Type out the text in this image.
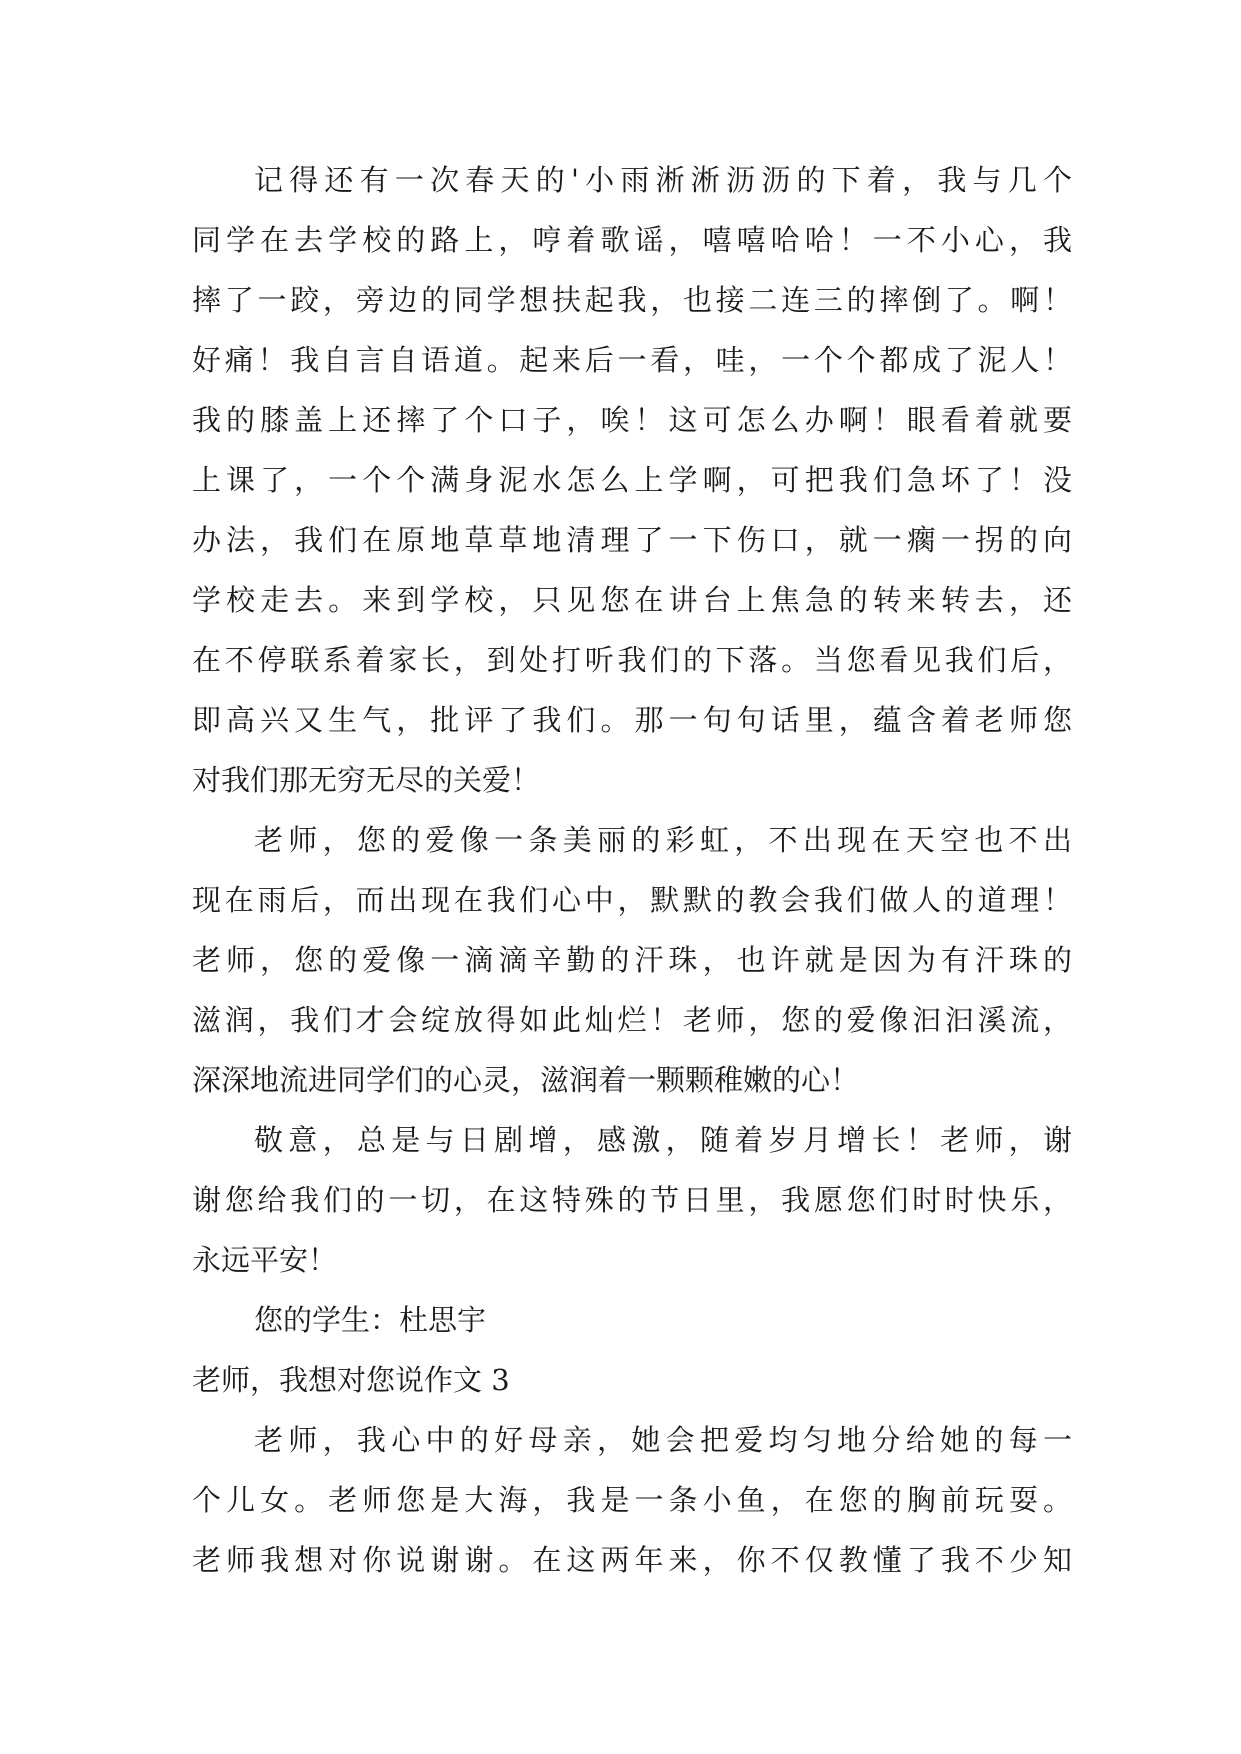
记得还有一次春天的'小雨淅淅沥沥的下着，我与几个
同学在去学校的路上，哼着歌谣，嘻嘻哈哈！一不小心，我
摔了一跤，旁边的同学想扶起我，也接二连三的摔倒了。啊！
好痛！我自言自语道。起来后一看，哇，一个个都成了泥人！
我的膝盖上还摔了个口子，唉！这可怎么办啊！眼看着就要
上课了，一个个满身泥水怎么上学啊，可把我们急坏了！没
办法，我们在原地草草地清理了一下伤口，就一瘸一拐的向
学校走去。来到学校，只见您在讲台上焦急的转来转去，还
在不停联系着家长，到处打听我们的下落。当您看见我们后，
即高兴又生气，批评了我们。那一句句话里，蕴含着老师您
对我们那无穷无尽的关爱！
老师，您的爱像一条美丽的彩虹，不出现在天空也不出
现在雨后，而出现在我们心中，默默的教会我们做人的道理！
老师，您的爱像一滴滴辛勤的汗珠，也许就是因为有汗珠的
滋润，我们才会绽放得如此灿烂！老师，您的爱像汩汩溪流，
深深地流进同学们的心灵，滋润着一颗颗稚嫩的心！
敬意，总是与日剧增，感激，随着岁月增长！老师，谢
谢您给我们的一切，在这特殊的节日里，我愿您们时时快乐，
永远平安！
您的学生：杜思宇
老师，我想对您说作文 3
老师，我心中的好母亲，她会把爱均匀地分给她的每一
个儿女。老师您是大海，我是一条小鱼，在您的胸前玩耍。
老师我想对你说谢谢。在这两年来，你不仅教懂了我不少知
